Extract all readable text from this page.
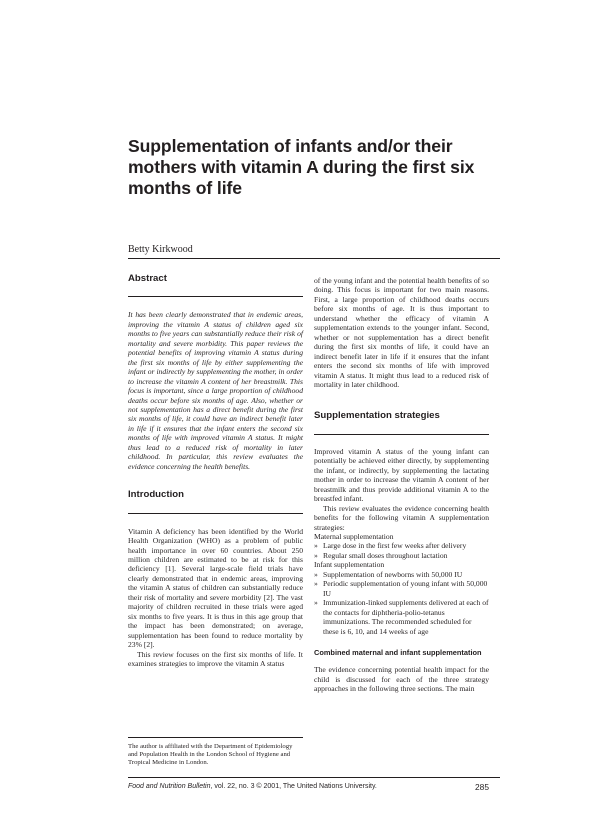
Supplementation of infants and/or their mothers with vitamin A during the first six months of life
Betty Kirkwood
Abstract

It has been clearly demonstrated that in endemic areas, improving the vitamin A status of children aged six months to five years can substantially reduce their risk of mortality and severe morbidity. This paper reviews the potential benefits of improving vitamin A status during the first six months of life by either supplementing the infant or indirectly by supplementing the mother, in order to increase the vitamin A content of her breastmilk. This focus is important, since a large proportion of childhood deaths occur before six months of age. Also, whether or not supplementation has a direct benefit during the first six months of life, it could have an indirect benefit later in life if it ensures that the infant enters the second six months of life with improved vitamin A status. It might thus lead to a reduced risk of mortality in later childhood. In particular, this review evaluates the evidence concerning the health benefits.

Introduction

Vitamin A deficiency has been identified by the World Health Organization (WHO) as a problem of public health importance in over 60 countries. About 250 million children are estimated to be at risk for this deficiency [1]. Several large-scale field trials have clearly demonstrated that in endemic areas, improving the vitamin A status of children can substantially reduce their risk of mortality and severe morbidity [2]. The vast majority of children recruited in these trials were aged six months to five years. It is thus in this age group that the impact has been demonstrated; on average, supplementation has been found to reduce mortality by 23% [2].

This review focuses on the first six months of life. It examines strategies to improve the vitamin A status

The author is affiliated with the Department of Epidemiology and Population Health in the London School of Hygiene and Tropical Medicine in London.

of the young infant and the potential health benefits of so doing. This focus is important for two main reasons. First, a large proportion of childhood deaths occurs before six months of age. It is thus important to understand whether the efficacy of vitamin A supplementation extends to the younger infant. Second, whether or not supplementation has a direct benefit during the first six months of life, it could have an indirect benefit later in life if it ensures that the infant enters the second six months of life with improved vitamin A status. It might thus lead to a reduced risk of mortality in later childhood.

Supplementation strategies

Improved vitamin A status of the young infant can potentially be achieved either directly, by supplementing the infant, or indirectly, by supplementing the lactating mother in order to increase the vitamin A content of her breastmilk and thus provide additional vitamin A to the breastfed infant.

This review evaluates the evidence concerning health benefits for the following vitamin A supplementation strategies:

Maternal supplementation

» Large dose in the first few weeks after delivery
» Regular small doses throughout lactation

Infant supplementation

» Supplementation of newborns with 50,000 IU
» Periodic supplementation of young infant with 50,000 IU
» Immunization-linked supplements delivered at each of the contacts for diphtheria-polio-tetanus immunizations. The recommended scheduled for these is 6, 10, and 14 weeks of age
Combined maternal and infant supplementation

The evidence concerning potential health impact for the child is discussed for each of the three strategy approaches in the following three sections. The main

Food and Nutrition Bulletin, vol. 22, no. 3 © 2001, The United Nations University.	285
